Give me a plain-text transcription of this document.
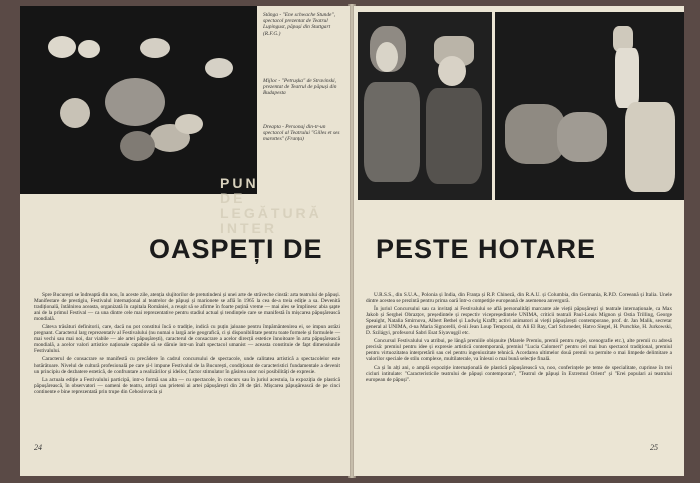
Stânga - "Ene schwache Stunde", spectacol prezentat de Teatrul Lupingust, păpuși din Stuttgart (R.F.G.)
Mijloc - "Petrușka" de Stravinski, prezentat de Teatrul de păpuși din Budapesta
Dreapta - Personaj din-tr-un spectacol al Teatrului "Gilles et ses marottes" (Franța)
PUN
DE
LEGĂTURĂ
INTER
OASPEȚI DE

Spre București se îndreaptă din nou, în aceste zile, atenția slujitorilor de pretutindeni și unei arte de străveche cinstă: arta teatrului de păpuși. Manifestare de prestigiu, Festivalul internațional al teatrelor de păpuși și marionete se află în 1965 la cea de-a treia ediție a sa. Devenită tradițională, întâlnirea aceasta, organizată în capitala României, a reușit să se afirme în foarte puțină vreme — mai ales se împlinesc abia șapte ani de la primul Festival — ca una dintre cele mai reprezentative pentru stadiul actual și tendințele care se manifestă în mișcarea păpușărească mondială.

Câteva trăsături definitorii, care, dacă nu pot constitui încă o tradiție, indică cu puțin jaloane pentru împământenirea ei, se impun astăzi pregnant. Caracterul larg reprezentativ al Festivalului (nu numai o largă arie geografică, ci și disponibilitate pentru toate formele și formulele — mai vechi sau mai noi, dar viabile — ale artei păpușărești), caracterul de consacrare a acelor direcții estetice înnoitoare în arta păpușărească mondială, a acelor valori artistice naționale capabile să se dăruie intr-un înalt spectacol umanist — aceasta constituie de fapt dimensiunile Festivalului.

Caracterul de consacrare se manifestă cu precădere în cadrul concursului de spectacole, unde calitatea artistică a spectacolelor este hotărâtoare. Nivelul de cultură profesională pe care și-l impune Festivalul de la București, condiționat de caracteristici fundamentale a devenit un principiu de dezbatere estetică, de confruntare a realizărilor și ideilor, factor stimulator în găsirea unor noi posibilități de expresie.

La actuala ediție a Festivalului participă, intr-o formă sau alta — cu spectacole, în concurs sau în juriul acestuia, la expoziția de plastică păpușărească, în observatori — oameni de teatru, artiști sau prieteni ai artei păpușărești din 28 de țări. Mișcarea păpușărească de pe cinci continente e bine reprezentată prin trupe din Cehoslovacia și

24
PESTE HOTARE

U.R.S.S., din S.U.A., Polonia și India, din Franța și R.P. Chineză, din R.A.U. și Columbia, din Germania, R.P.D. Coreeană și Italia. Unele dintre acestea se prezintă pentru prima oară într-o competiție europeană de asemenea anvergură.

În juriul Concursului sau ca invitați ai Festivalului se află personalități marcante ale vieții păpușărești și teatrale internaționale, ca Max Jakob și Serghei Obrazțov, președintele și respectiv vicepreședintele UNIMA, criticii teatrali Paul-Louis Mignon și Ostia Trilling, George Speaight, Natalia Smirnova, Albert Bethel și Ludwig Krafft; activi animatori ai vieții păpușărești contemporane, prof. dr. Jan Malik, secretar general al UNIMA, d-na Maria Signorelli, d-nii Jean Loup Temporal, dr. Ali El Ray, Carl Schroeder, Hatvo Siegel, H. Purschke, H. Jurkowski, D. Szilágyi, profesorul Sabri Esat Siyavuşgil etc.

Concursul Festivalului va atribui, pe lângă premiile obișnuite (Marele Premiu, premii pentru regie, scenografie etc.), alte premii cu adresă precisă: premiul pentru idee și expresie artistică contemporană, premiul "Lucia Calomeri" pentru cel mai bun spectacol tradițional, premiul pentru virtuozitatea interpretării sau cel pentru ingeniozitate tehnică. Acordarea ultimelor două premii va permite o mai limpede delimitare a valorilor speciale de stilu complexe, multilaterale, va înlesni o mai bună selecție finală.

Ca și în alți ani, o amplă expoziție internațională de plastică păpușărească va, noo, conferințele pe teme de specialitate, cuprinse în trei cicluri intitulate: "Caracteristicile teatrului de păpuși contemporan", "Teatrul de păpuși în Extremul Orient" și "Erei populari ai teatrului european de păpuși".

25
